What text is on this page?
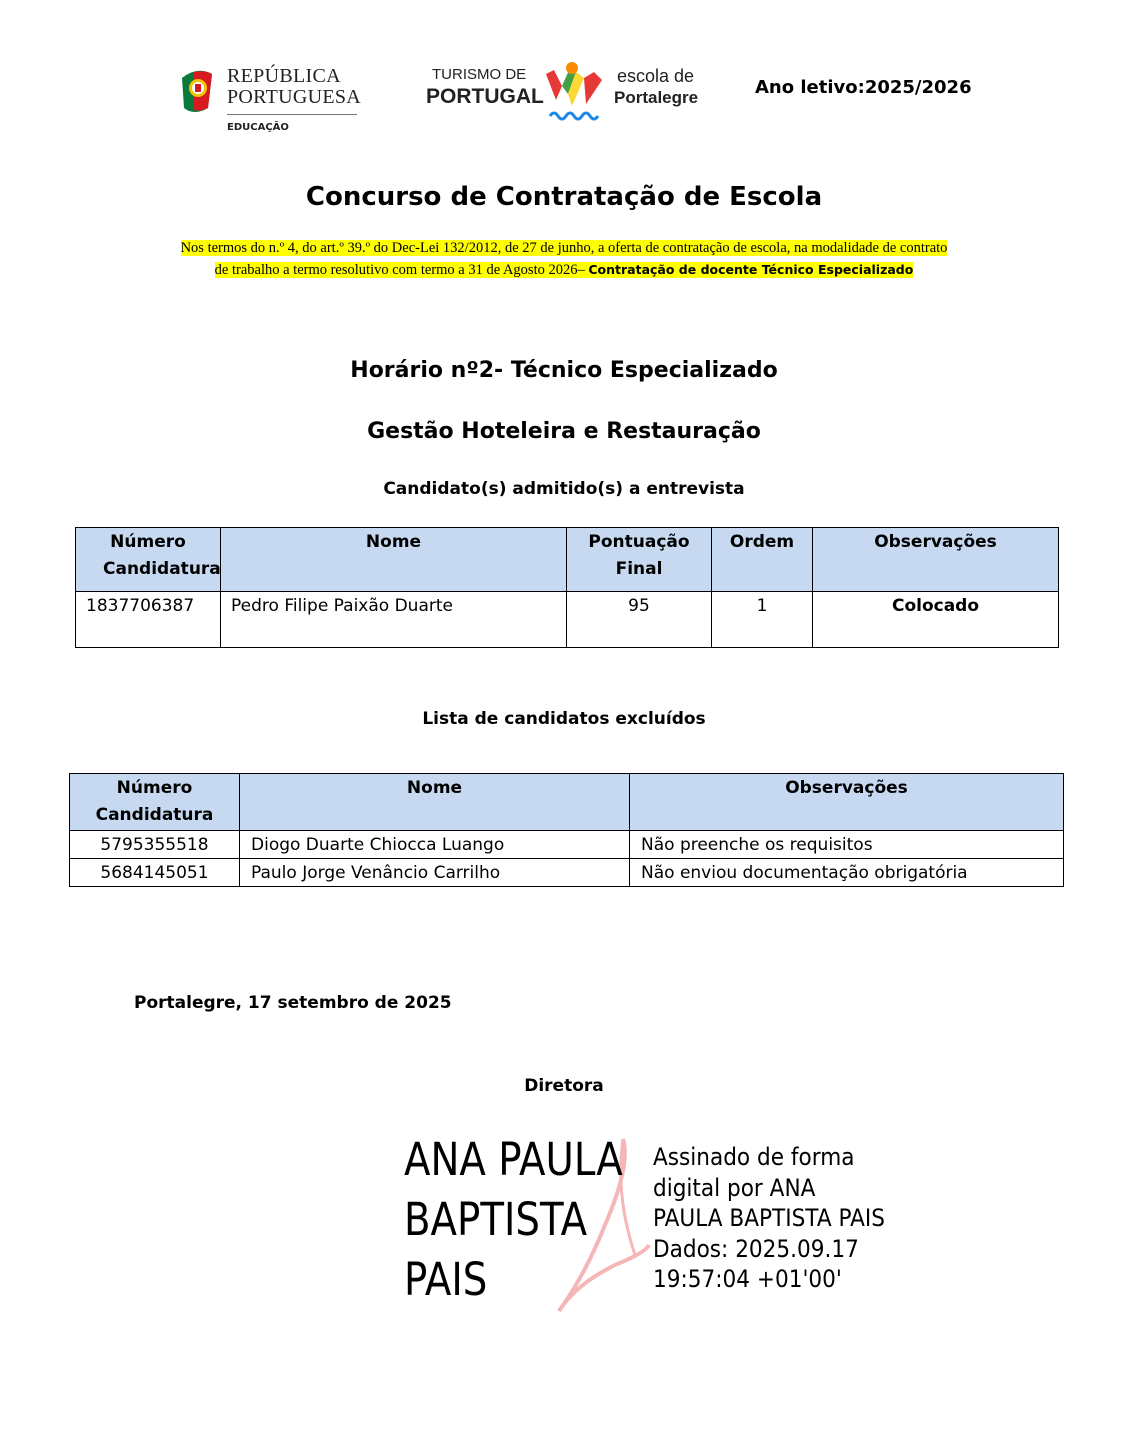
REPÚBLICA
PORTUGUESA
EDUCAÇÃO
TURISMO DE
PORTUGAL
escola de
Portalegre	Ano letivo:2025/2026
Concurso de Contratação de Escola
Nos termos do n.º 4, do art.º 39.º do Dec-Lei 132/2012, de 27 de junho, a oferta de contratação de escola, na modalidade de contrato
de trabalho a termo resolutivo com termo a 31 de Agosto 2026– Contratação de docente Técnico Especializado
Horário nº2- Técnico Especializado
Gestão Hoteleira e Restauração
Candidato(s) admitido(s) a entrevista
Número Candidatura	Nome	Pontuação Final	Ordem	Observações
1837706387	Pedro Filipe Paixão Duarte	95	1	Colocado
Lista de candidatos excluídos
Número Candidatura	Nome	Observações
5795355518	Diogo Duarte Chiocca Luango	Não preenche os requisitos
5684145051	Paulo Jorge Venâncio Carrilho	Não enviou documentação obrigatória
Portalegre, 17 setembro de 2025
Diretora
ANA PAULA
BAPTISTA
PAIS
Assinado de forma
digital por ANA
PAULA BAPTISTA PAIS
Dados: 2025.09.17
19:57:04 +01'00'
